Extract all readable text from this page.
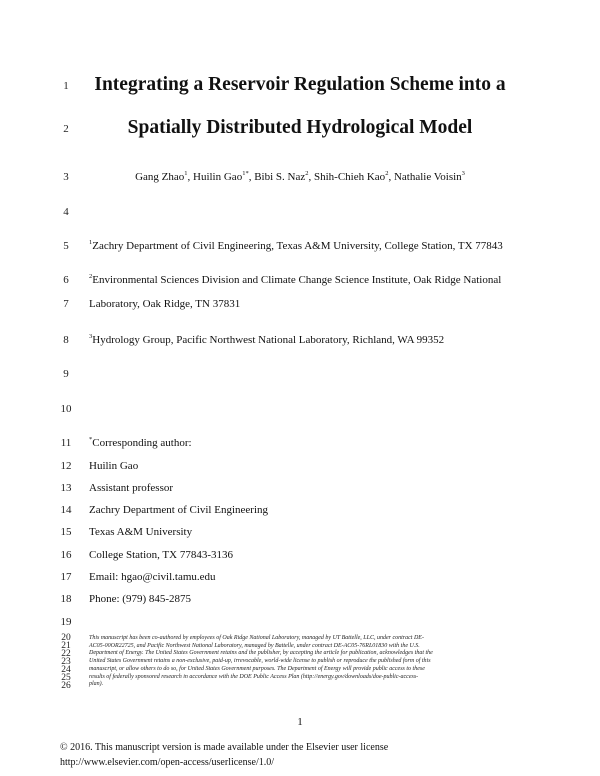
1
2
3
4
5
6
7
8
9
10
11
12
13
14
15
16
17
18
19
Integrating a Reservoir Regulation Scheme into a
Spatially Distributed Hydrological Model
Gang Zhao$^1$, Huilin Gao$^{1*}$, Bibi S. Naz$^2$, Shih-Chieh Kao$^2$, Nathalie Voisin$^3$
$^1$Zachry Department of Civil Engineering, Texas A&M University, College Station, TX 77843
$^2$Environmental Sciences Division and Climate Change Science Institute, Oak Ridge National
Laboratory, Oak Ridge, TN 37831
$^3$Hydrology Group, Pacific Northwest National Laboratory, Richland, WA 99352
*Corresponding author:
Huilin Gao
Assistant professor
Zachry Department of Civil Engineering
Texas A&M University
College Station, TX 77843-3136
Email: hgao@civil.tamu.edu
Phone: (979) 845-2875
20
21
22
23
24
25
26
This manuscript has been co-authored by employees of Oak Ridge National Laboratory, managed by UT Battelle, LLC, under contract DE-
AC05-00OR22725, and Pacific Northwest National Laboratory, managed by Battelle, under contract DE-AC05-76RL01830 with the U.S.
Department of Energy. The United States Government retains and the publisher, by accepting the article for publication, acknowledges that the
United States Government retains a non-exclusive, paid-up, irrevocable, world-wide license to publish or reproduce the published form of this
manuscript, or allow others to do so, for United States Government purposes. The Department of Energy will provide public access to these
results of federally sponsored research in accordance with the DOE Public Access Plan (http://energy.gov/downloads/doe-public-access-
plan).
1
© 2016. This manuscript version is made available under the Elsevier user license
http://www.elsevier.com/open-access/userlicense/1.0/
